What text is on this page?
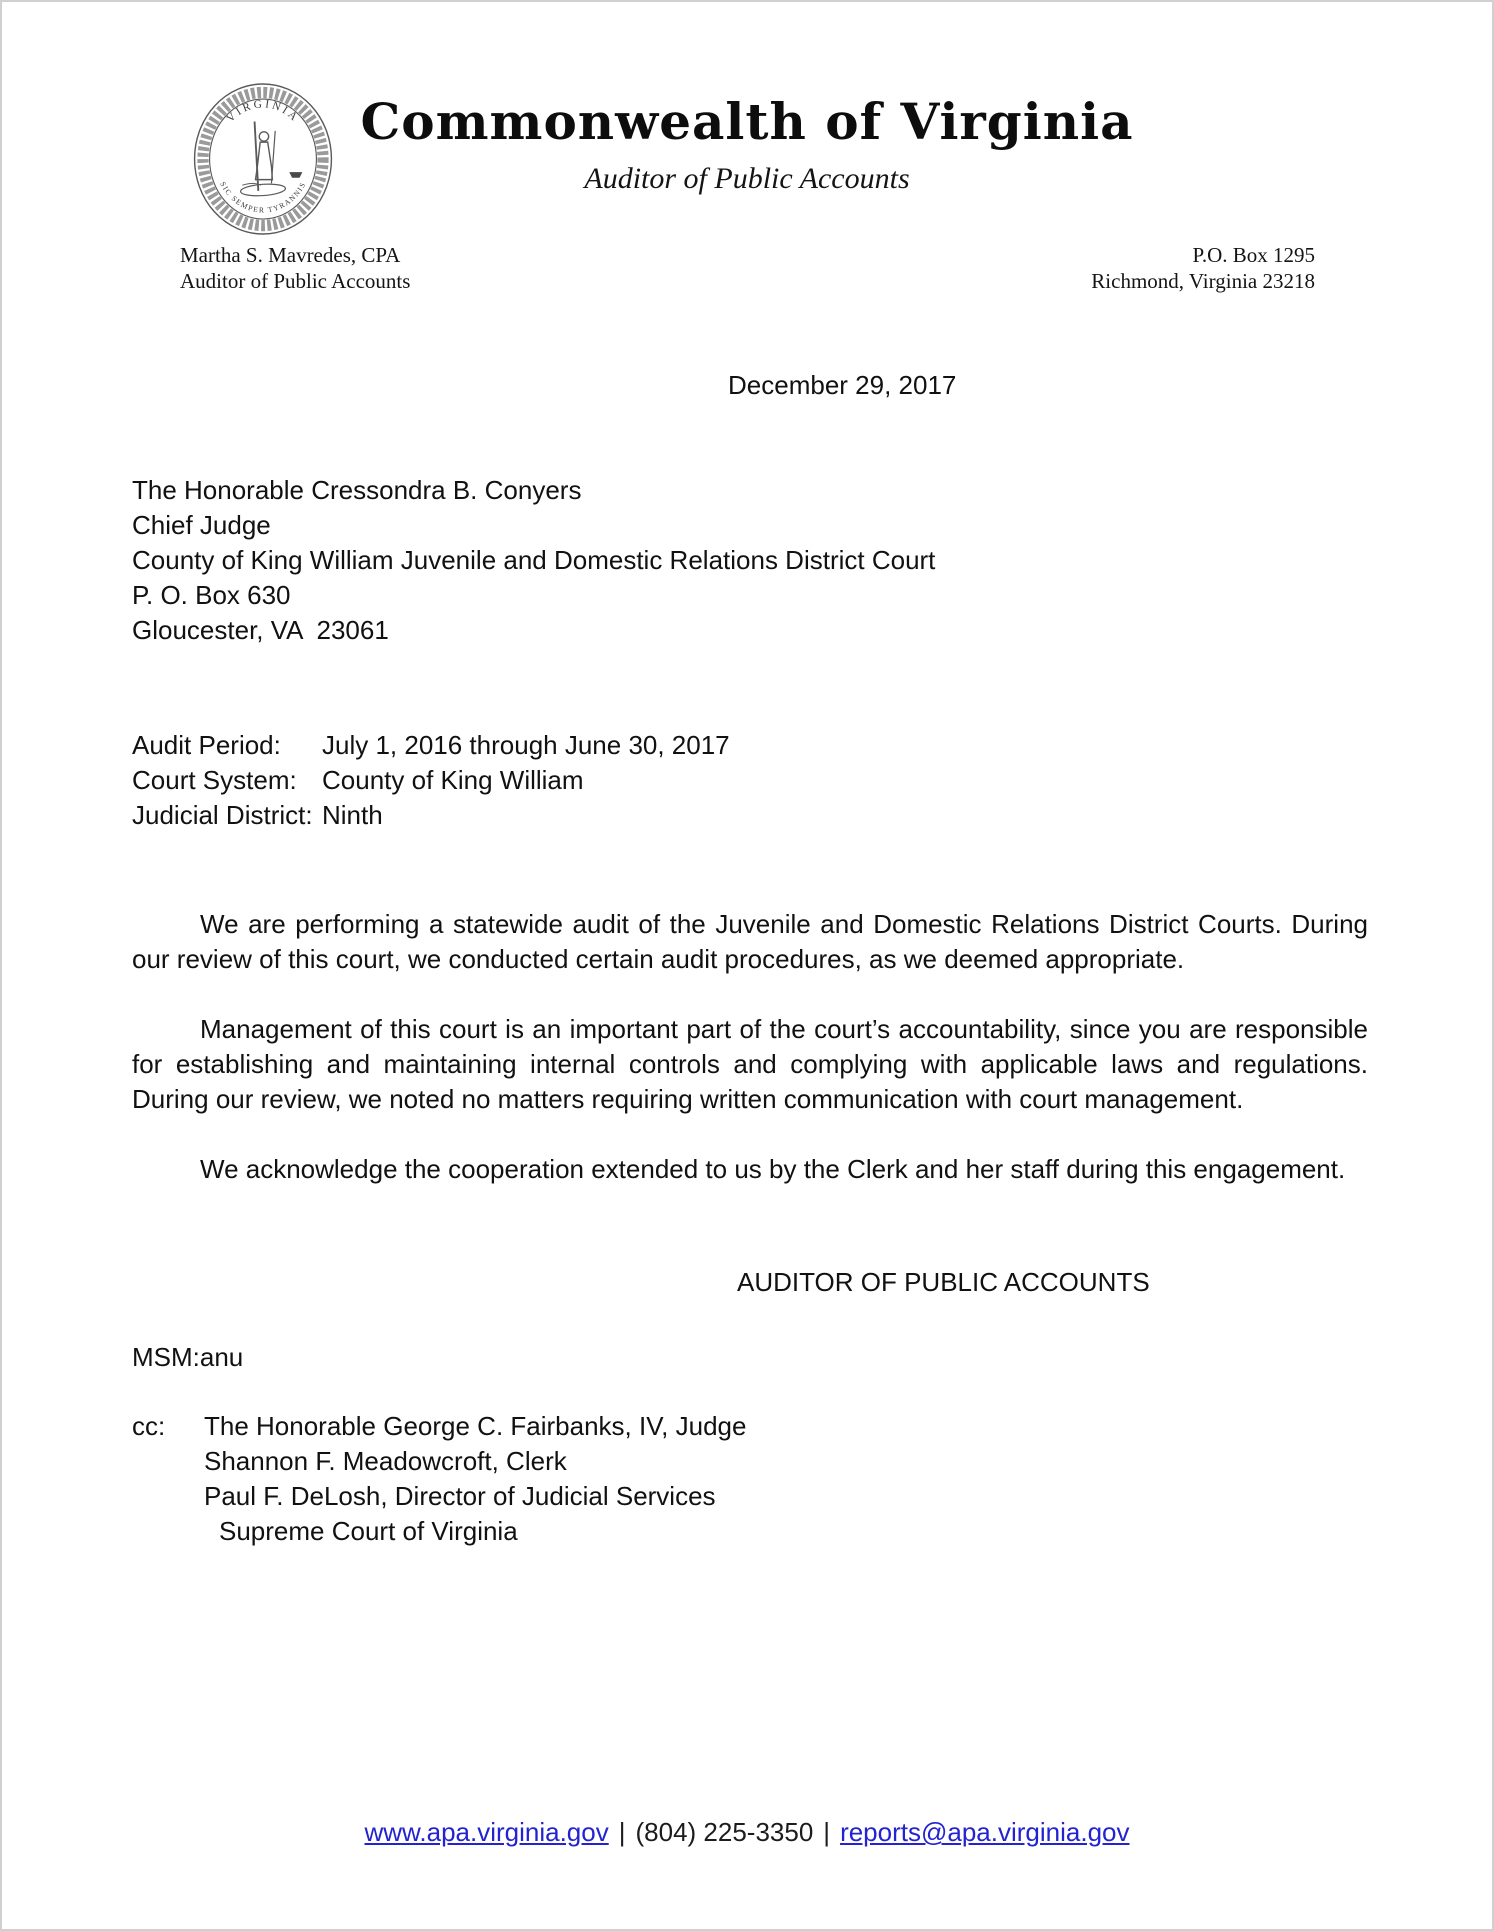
VIRGINIA
SIC SEMPER TYRANNIS
Commonwealth of Virginia
Auditor of Public Accounts
Martha S. Mavredes, CPA
Auditor of Public Accounts
P.O. Box 1295
Richmond, Virginia 23218
December 29, 2017
The Honorable Cressondra B. Conyers
Chief Judge
County of King William Juvenile and Domestic Relations District Court
P. O. Box 630
Gloucester, VA  23061
Audit Period:	July 1, 2016 through June 30, 2017
Court System: County of King William
Judicial District: Ninth

We are performing a statewide audit of the Juvenile and Domestic Relations District Courts. During our review of this court, we conducted certain audit procedures, as we deemed appropriate.

Management of this court is an important part of the court’s accountability, since you are responsible for establishing and maintaining internal controls and complying with applicable laws and regulations. During our review, we noted no matters requiring written communication with court management.

We acknowledge the cooperation extended to us by the Clerk and her staff during this engagement.

AUDITOR OF PUBLIC ACCOUNTS
MSM:anu
cc:	The Honorable George C. Fairbanks, IV, Judge
Shannon F. Meadowcroft, Clerk
Paul F. DeLosh, Director of Judicial Services
Supreme Court of Virginia
www.apa.virginia.gov | (804) 225-3350 | reports@apa.virginia.gov
